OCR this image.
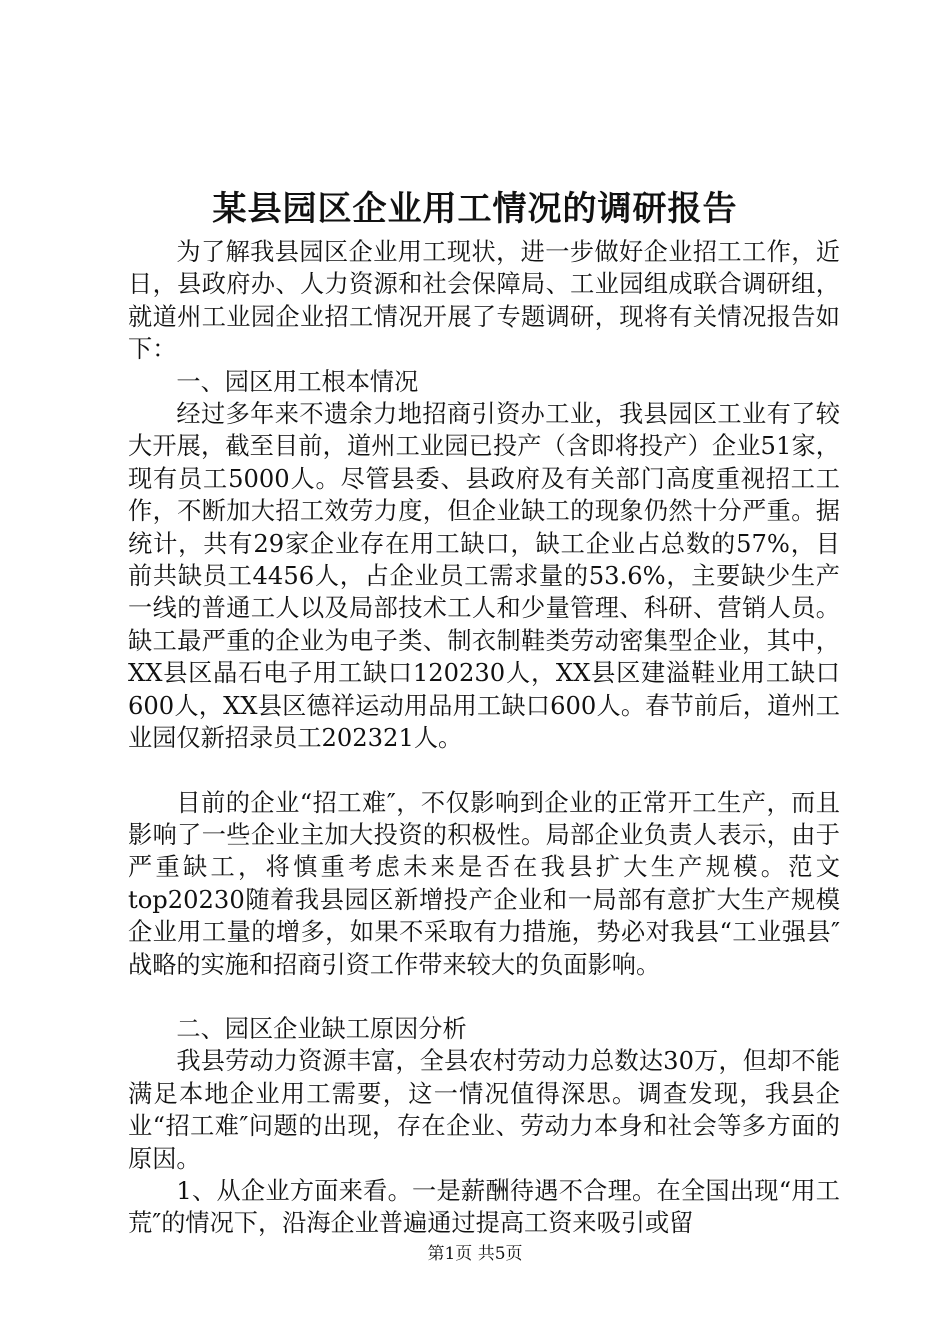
某县园区企业用工情况的调研报告

为了解我县园区企业用工现状，进一步做好企业招工工作，近日，县政府办、人力资源和社会保障局、工业园组成联合调研组，就道州工业园企业招工情况开展了专题调研，现将有关情况报告如下：

一、园区用工根本情况

经过多年来不遗余力地招商引资办工业，我县园区工业有了较大开展，截至目前，道州工业园已投产（含即将投产）企业51家，现有员工5000人。尽管县委、县政府及有关部门高度重视招工工作，不断加大招工效劳力度，但企业缺工的现象仍然十分严重。据统计，共有29家企业存在用工缺口，缺工企业占总数的57%，目前共缺员工4456人，占企业员工需求量的53.6%，主要缺少生产一线的普通工人以及局部技术工人和少量管理、科研、营销人员。缺工最严重的企业为电子类、制衣制鞋类劳动密集型企业，其中，XX县区晶石电子用工缺口120230人，XX县区建溢鞋业用工缺口600人，XX县区德祥运动用品用工缺口600人。春节前后，道州工业园仅新招录员工202321人。

目前的企业“招工难″，不仅影响到企业的正常开工生产，而且影响了一些企业主加大投资的积极性。局部企业负责人表示，由于严重缺工，将慎重考虑未来是否在我县扩大生产规模。范文top20230随着我县园区新增投产企业和一局部有意扩大生产规模企业用工量的增多，如果不采取有力措施，势必对我县“工业强县″战略的实施和招商引资工作带来较大的负面影响。

二、园区企业缺工原因分析

我县劳动力资源丰富，全县农村劳动力总数达30万，但却不能满足本地企业用工需要，这一情况值得深思。调查发现，我县企业“招工难″问题的出现，存在企业、劳动力本身和社会等多方面的原因。

1、从企业方面来看。一是薪酬待遇不合理。在全国出现“用工荒″的情况下，沿海企业普遍通过提高工资来吸引或留

第1页 共5页
